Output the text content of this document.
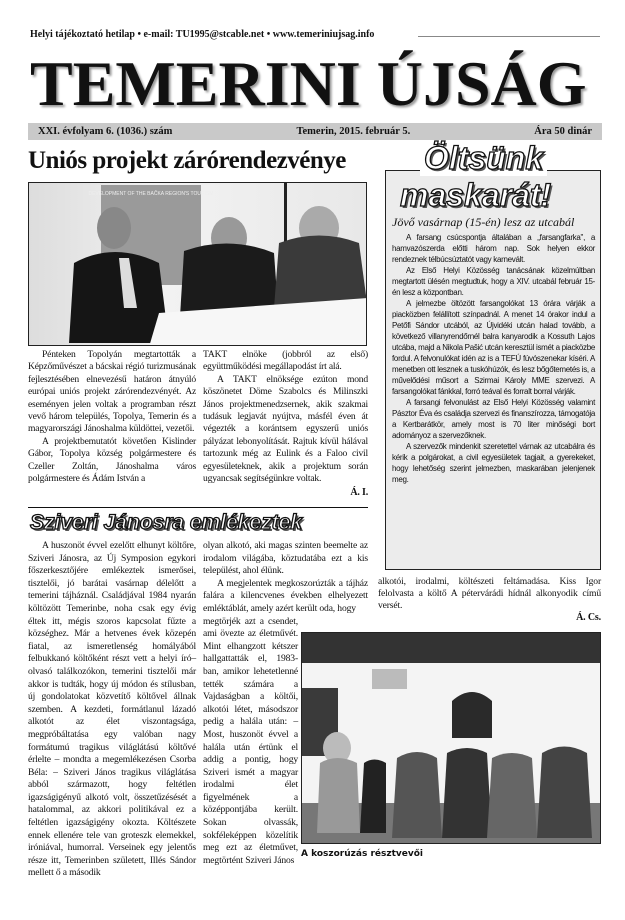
Helyi tájékoztató hetilap • e-mail: TU1995@stcable.net • www.temeriniujsag.info
TEMERINI ÚJSÁG
XXI. évfolyam 6. (1036.) szám	Temerin, 2015. február 5.	Ára 50 dinár
Uniós projekt zárórendezvénye
DEVELOPMENT OF THE BAČKA REGION'S TOURISM

Pénteken Topolyán megtartották a Képzőművészet a bácskai régió turizmusának fejlesztésében elnevezésű határon átnyúló európai uniós projekt zárórendezvényét. Az eseményen jelen voltak a programban részt vevő három település, Topolya, Temerin és a magyarországi Jánoshalma küldöttei, vezetői.

A projektbemutatót követően Kislinder Gábor, Topolya község polgármestere és Czeller Zoltán, Jánoshalma város polgármestere és Ádám István a

TAKT elnöke (jobbról az első) együttműködési megállapodást írt alá.

A TAKT elnöksége ezúton mond köszönetet Döme Szabolcs és Milinszki János projektmenedzsernek, akik szakmai tudásuk legjavát nyújtva, másfél éven át végezték a korántsem egyszerű uniós pályázat lebonyolítását. Rajtuk kívül hálával tartozunk még az Eulink és a Faloo civil egyesületeknek, akik a projektum során ugyancsak segítségünkre voltak.

Á. I.
Jövő vasárnap (15-én) lesz az utcabál

A farsang csúcspontja általában a „farsangfarka", a hamvazószerda előtti három nap. Sok helyen ekkor rendeznek télbúcsúztatót vagy karnevált.

Az Első Helyi Közösség tanácsának közelmúltban megtartott ülésén megtudtuk, hogy a XIV. utcabál február 15-én lesz a központban.

A jelmezbe öltözött farsangolókat 13 órára várják a piacközben felállított színpadnál. A menet 14 órakor indul a Petőfi Sándor utcából, az Újvidéki utcán halad tovább, a következő villanyrendőrnél balra kanyarodik a Kossuth Lajos utcába, majd a Nikola Pašić utcán keresztül ismét a piacközbe fordul. A felvonulókat idén az is a TEFÚ fúvószenekar kíséri. A menetben ott lesznek a tuskóhúzók, és lesz bőgőtemetés is, a művelődési műsort a Szirmai Károly MME szervezi. A farsangolókat fánkkal, forró teával és forralt borral várják.

A farsangi felvonulást az Első Helyi Közösség valamint Pásztor Éva és családja szervezi és finanszírozza, támogatója a Kertbarátkör, amely most is 70 liter minőségi bort adományoz a szervezőknek.

A szervezők mindenkit szeretettel várnak az utcabálra és kérik a polgárokat, a civil egyesületek tagjait, a gyerekeket, hogy lehetőség szerint jelmezben, maskarában jelenjenek meg.

Öltsünk
maskarát!
Sziveri Jánosra emlékeztek

A huszonöt évvel ezelőtt elhunyt költőre, Sziveri Jánosra, az Új Symposion egykori főszerkesztőjére emlékeztek ismerősei, tisztelői, jó barátai vasárnap délelőtt a temerini tájháznál. Családjával 1984 nyarán költözött Temerinbe, noha csak egy évig éltek itt, mégis szoros kapcsolat fűzte a községhez. Már a hetvenes évek közepén fiatal, az ismeretlenség homályából felbukkanó költőként részt vett a helyi író–olvasó találkozókon, temerini tisztelői már akkor is tudták, hogy új módon és stílusban, új gondolatokat közvetítő költővel állnak szemben. A kezdeti, formátlanul lázadó alkotót az élet viszontagsága, megpróbáltatása egy valóban nagy formátumú tragikus világlátású költővé érlelte – mondta a megemlékezésen Csorba Béla: – Sziveri János tragikus világlátása abból származott, hogy feltétlen igazságigényű alkotó volt, összetűzésését a hatalommal, az akkori politikával ez a feltétlen igazságigény okozta. Költészete ennek ellenére tele van groteszk elemekkel, iróniával, humorral. Verseinek egy jelentős része itt, Temerinben született, Illés Sándor mellett ő a második

olyan alkotó, aki magas szinten beemelte az irodalom világába, köztudatába ezt a kis települést, ahol élünk.

A megjelentek megkoszorúzták a tájház falára a kilencvenes években elhelyezett emléktáblát, amely azért került oda, hogy

megtörjék azt a csendet, ami övezte az életművét. Mint elhangzott kétszer hallgattatták el, 1983-ban, amikor lehetetlenné tették számára a Vajdaságban a költői, alkotói létet, másodszor pedig a halála után: – Most, huszonöt évvel a halála után értünk el addig a pontig, hogy Sziveri ismét a magyar irodalmi élet figyelmének a középpontjába került. Sokan olvassák, sokféleképpen közelítik meg ezt az életművet, megtörtént Sziveri János

alkotói, irodalmi, költészeti feltámadása. Kiss Igor felolvasta a költő A pétervárádi hídnál alkonyodik című versét.

Á. Cs.
A koszorúzás résztvevői
